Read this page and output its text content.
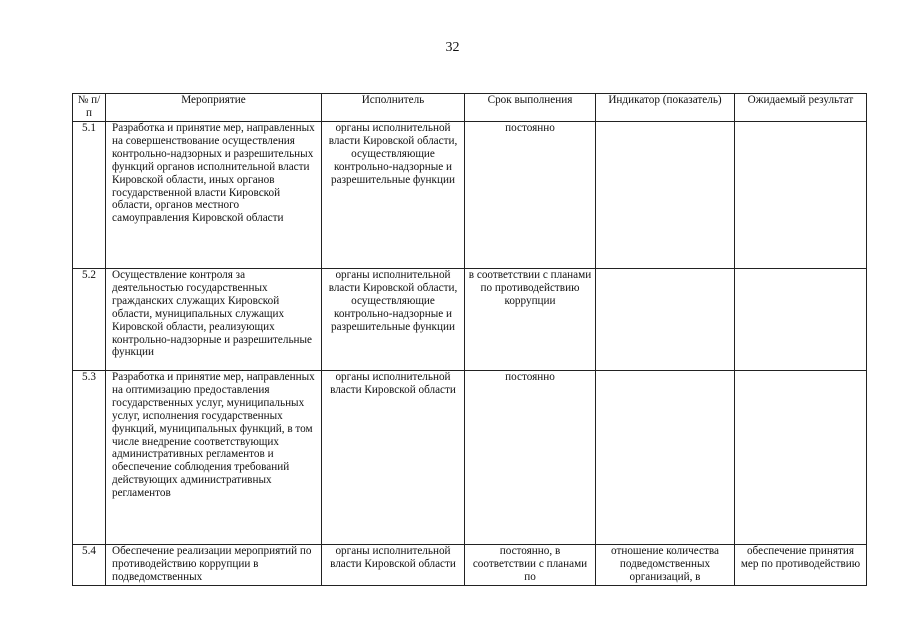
32
№ п/п	Мероприятие	Исполнитель	Срок выполнения	Индикатор (показатель)	Ожидаемый результат
5.1	Разработка и принятие мер, направленных на совершенствование осуществления контрольно-надзорных и разрешительных функций органов исполнительной власти Кировской области, иных органов государственной власти Кировской области, органов местного самоуправления Кировской области	органы исполнительной власти Кировской области, осуществляющие контрольно-надзорные и разрешительные функции	постоянно		
5.2	Осуществление контроля за деятельностью государственных гражданских служащих Кировской области, муниципальных служащих Кировской области, реализующих контрольно-надзорные и разрешительные функции	органы исполнительной власти Кировской области, осуществляющие контрольно-надзорные и разрешительные функции	в соответствии с планами по противодействию коррупции		
5.3	Разработка и принятие мер, направленных на оптимизацию предоставления государственных услуг, муниципальных услуг, исполнения государственных функций, муниципальных функций, в том числе внедрение соответствующих административных регламентов и обеспечение соблюдения требований действующих административных регламентов	органы исполнительной власти Кировской области	постоянно		
5.4	Обеспечение реализации мероприятий по противодействию коррупции в подведомственных	органы исполнительной власти Кировской области	постоянно, в соответствии с планами по	отношение количества подведомственных организаций, в	обеспечение принятия мер по противодействию
